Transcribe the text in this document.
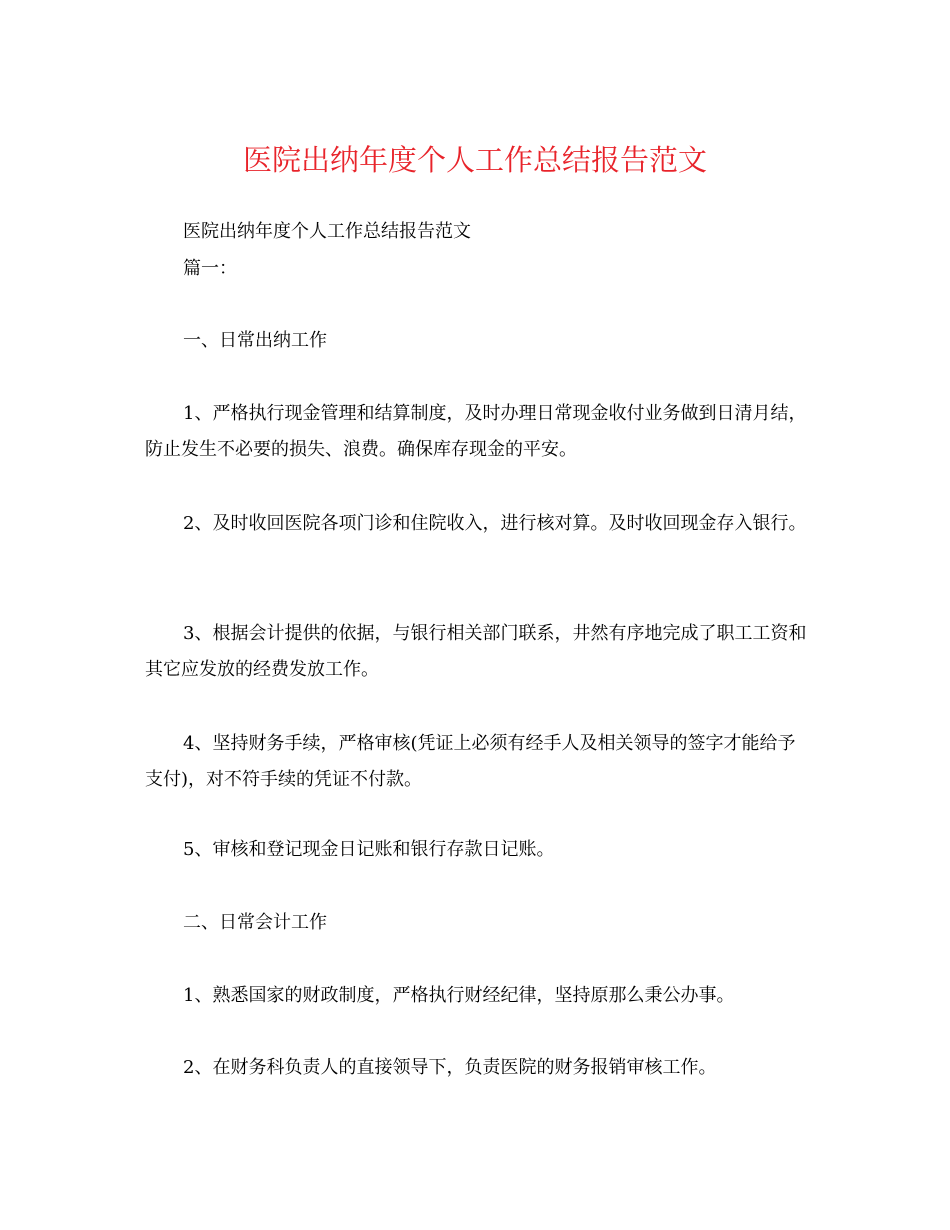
医院出纳年度个人工作总结报告范文

医院出纳年度个人工作总结报告范文

篇一：

一、日常出纳工作

1、严格执行现金管理和结算制度，及时办理日常现金收付业务做到日清月结，防止发生不必要的损失、浪费。确保库存现金的平安。

2、及时收回医院各项门诊和住院收入，进行核对算。及时收回现金存入银行。

3、根据会计提供的依据，与银行相关部门联系，井然有序地完成了职工工资和其它应发放的经费发放工作。

4、坚持财务手续，严格审核(凭证上必须有经手人及相关领导的签字才能给予支付)，对不符手续的凭证不付款。

5、审核和登记现金日记账和银行存款日记账。

二、日常会计工作

1、熟悉国家的财政制度，严格执行财经纪律，坚持原那么秉公办事。

2、在财务科负责人的直接领导下，负责医院的财务报销审核工作。
